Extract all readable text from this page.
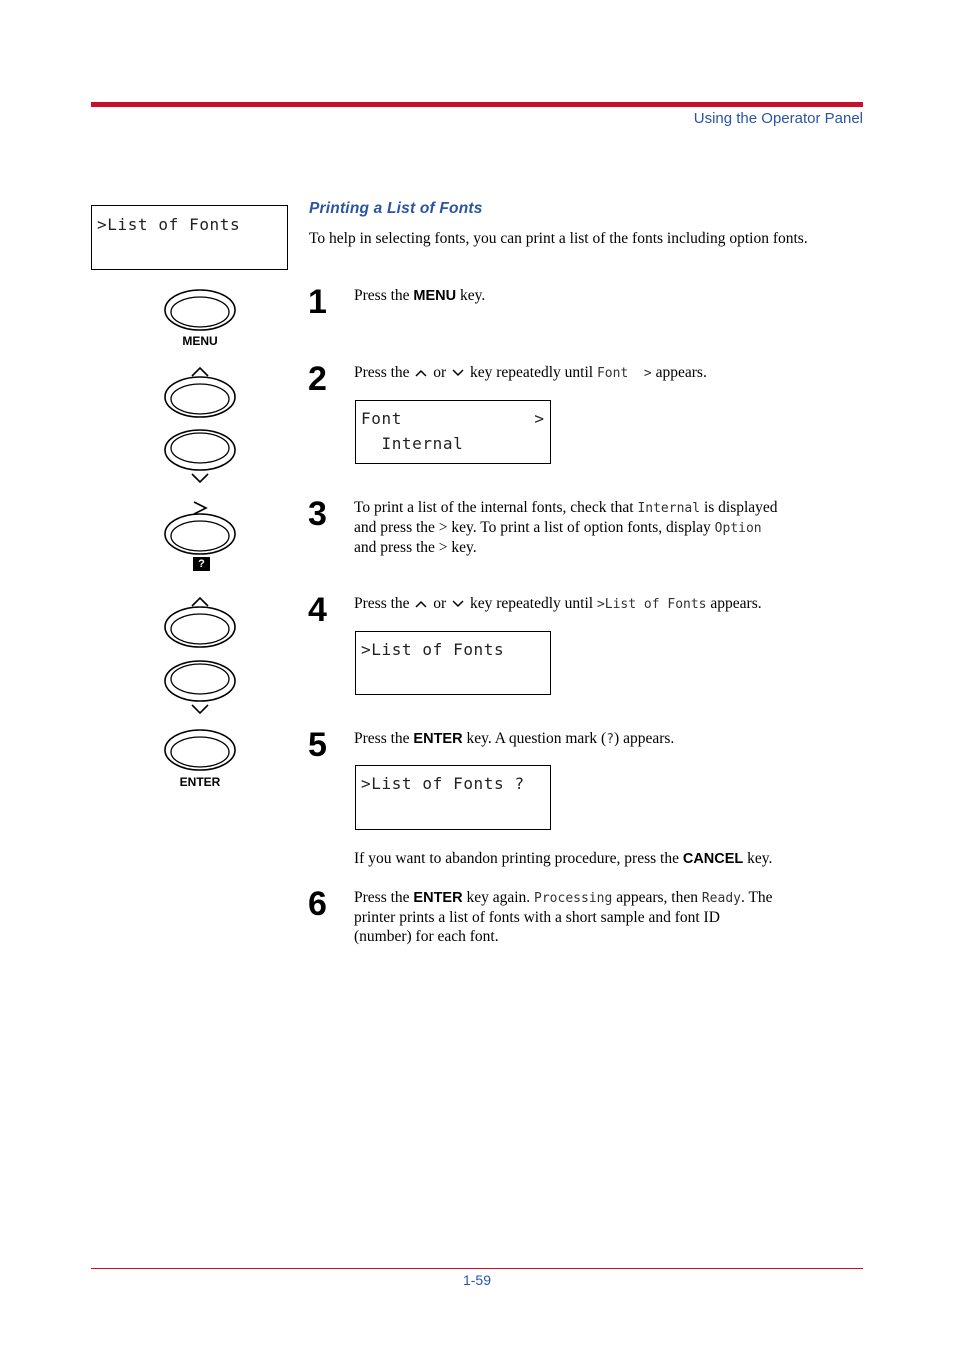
Using the Operator Panel
>List of Fonts
MENU
?
ENTER
Printing a List of Fonts
To help in selecting fonts, you can print a list of the fonts including option fonts.
1 Press the MENU key.
2 Press the  or  key repeatedly until Font  > appears.
Font	>
Internal
3 To print a list of the internal fonts, check that Internal is displayed
and press the > key. To print a list of option fonts, display Option
and press the > key.
4 Press the  or  key repeatedly until >List of Fonts appears.
>List of Fonts
5 Press the ENTER key. A question mark (?) appears.
>List of Fonts ?
If you want to abandon printing procedure, press the CANCEL key.
6 Press the ENTER key again. Processing appears, then Ready. The
printer prints a list of fonts with a short sample and font ID
(number) for each font.
1-59
